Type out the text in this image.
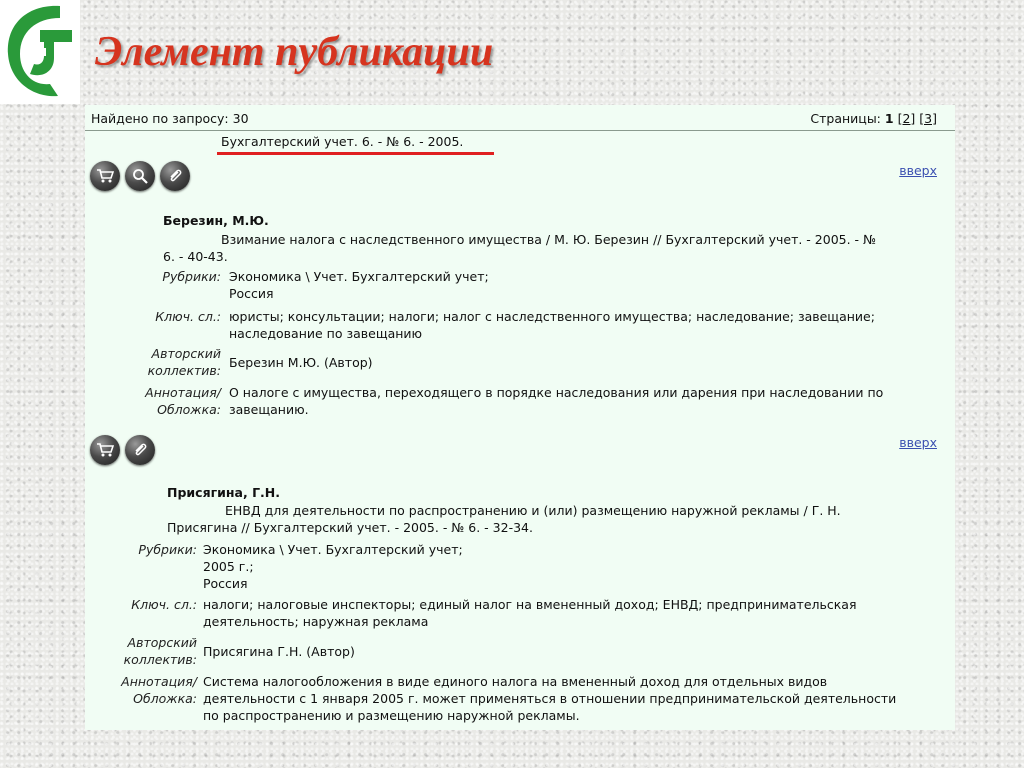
Элемент публикации
Найдено по запросу: 30	Страницы: 1 [2] [3]
Бухгалтерский учет. 6. - № 6. - 2005.
вверх
Березин, М.Ю.
Взимание налога с наследственного имущества / М. Ю. Березин // Бухгалтерский учет. - 2005. - №
6. - 40-43.
Рубрики: Экономика \ Учет. Бухгалтерский учет;
Россия
Ключ. сл.: юристы; консультации; налоги; налог с наследственного имущества; наследование; завещание;
наследование по завещанию
Авторский
коллектив:
Березин М.Ю. (Автор)
Аннотация/
Обложка:
О налоге с имущества, переходящего в порядке наследования или дарения при наследовании по
завещанию.
вверх
Присягина, Г.Н.
ЕНВД для деятельности по распространению и (или) размещению наружной рекламы / Г. Н.
Присягина // Бухгалтерский учет. - 2005. - № 6. - 32-34.
Рубрики: Экономика \ Учет. Бухгалтерский учет;
2005 г.;
Россия
Ключ. сл.: налоги; налоговые инспекторы; единый налог на вмененный доход; ЕНВД; предпринимательская
деятельность; наружная реклама
Авторский
коллектив:
Присягина Г.Н. (Автор)
Аннотация/
Обложка:
Система налогообложения в виде единого налога на вмененный доход для отдельных видов
деятельности с 1 января 2005 г. может применяться в отношении предпринимательской деятельности
по распространению и размещению наружной рекламы.
